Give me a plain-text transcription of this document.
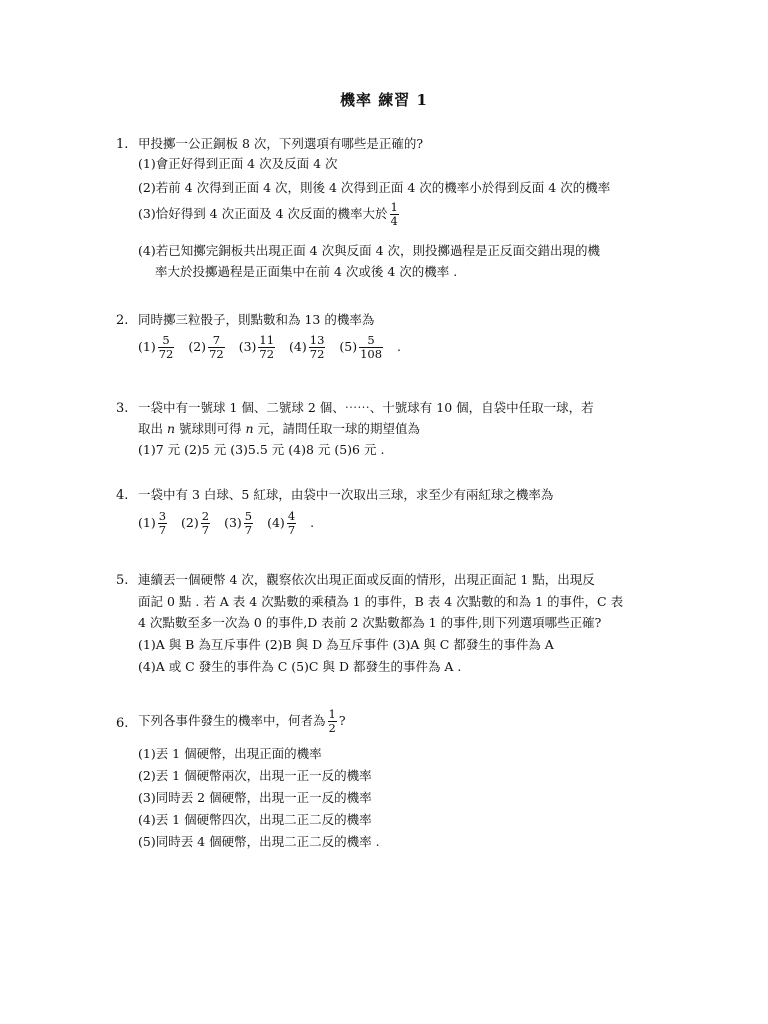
機率 練習 1
1. 甲投擲一公正銅板 8 次，下列選項有哪些是正確的?
(1)會正好得到正面 4 次及反面 4 次
(2)若前 4 次得到正面 4 次，則後 4 次得到正面 4 次的機率小於得到反面 4 次的機率
(3)恰好得到 4 次正面及 4 次反面的機率大於 $\frac{1}{4}$
(4)若已知擲完銅板共出現正面 4 次與反面 4 次，則投擲過程是正反面交錯出現的機
率大於投擲過程是正面集中在前 4 次或後 4 次的機率 .
2. 同時擲三粒骰子，則點數和為 13 的機率為
$(1) \frac{5}{72} (2) \frac{7}{72} (3) \frac{11}{72} (4) \frac{13}{72} (5) \frac{5}{108}$ .
3. 一袋中有一號球 1 個、二號球 2 個、⋯⋯、十號球有 10 個，自袋中任取一球，若
取出 n 號球則可得 n 元，請問任取一球的期望值為
(1)7 元 (2)5 元 (3)5.5 元 (4)8 元 (5)6 元 .
4. 一袋中有 3 白球、5 紅球，由袋中一次取出三球，求至少有兩紅球之機率為
$(1) \frac{3}{7} (2) \frac{2}{7} (3) \frac{5}{7} (4) \frac{4}{7}$ .
5. 連續丟一個硬幣 4 次，觀察依次出現正面或反面的情形，出現正面記 1 點，出現反
面記 0 點 . 若 A 表 4 次點數的乘積為 1 的事件，B 表 4 次點數的和為 1 的事件，C 表
4 次點數至多一次為 0 的事件,D 表前 2 次點數都為 1 的事件,則下列選項哪些正確?
(1)A 與 B 為互斥事件 (2)B 與 D 為互斥事件 (3)A 與 C 都發生的事件為 A
(4)A 或 C 發生的事件為 C (5)C 與 D 都發生的事件為 A .
6. 下列各事件發生的機率中，何者為 $\frac{1}{2}$ ?
(1)丟 1 個硬幣，出現正面的機率
(2)丟 1 個硬幣兩次，出現一正一反的機率
(3)同時丟 2 個硬幣，出現一正一反的機率
(4)丟 1 個硬幣四次，出現二正二反的機率
(5)同時丟 4 個硬幣，出現二正二反的機率 .
